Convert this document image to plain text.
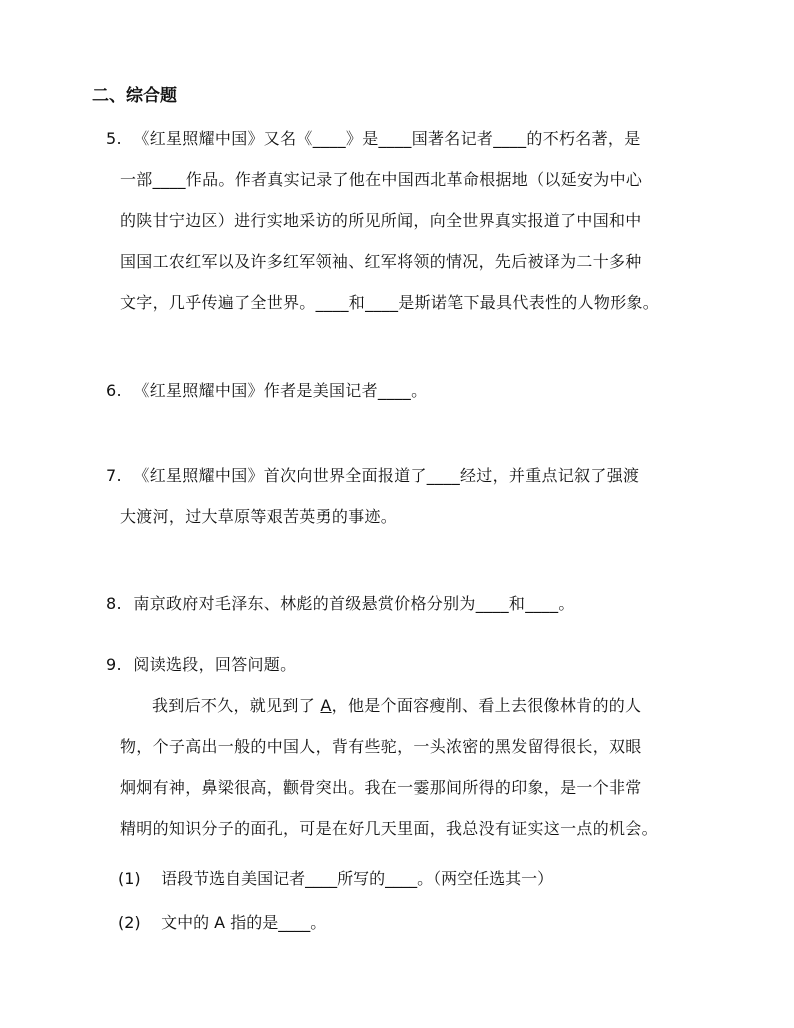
二、综合题
5. 《红星照耀中国》又名《____》是____国著名记者____的不朽名著，是
一部____作品。作者真实记录了他在中国西北革命根据地（以延安为中心
的陕甘宁边区）进行实地采访的所见所闻，向全世界真实报道了中国和中
国国工农红军以及许多红军领袖、红军将领的情况，先后被译为二十多种
文字，几乎传遍了全世界。____和____是斯诺笔下最具代表性的人物形象。
6. 《红星照耀中国》作者是美国记者____。
7. 《红星照耀中国》首次向世界全面报道了____经过，并重点记叙了强渡
大渡河，过大草原等艰苦英勇的事迹。
8. 南京政府对毛泽东、林彪的首级悬赏价格分别为____和____。
9. 阅读选段，回答问题。
我到后不久，就见到了 A，他是个面容瘦削、看上去很像林肯的的人
物，个子高出一般的中国人，背有些驼，一头浓密的黑发留得很长，双眼
炯炯有神，鼻梁很高，颧骨突出。我在一霎那间所得的印象，是一个非常
精明的知识分子的面孔，可是在好几天里面，我总没有证实这一点的机会。
(1) 语段节选自美国记者____所写的____。（两空任选其一）
(2) 文中的 A 指的是____。
